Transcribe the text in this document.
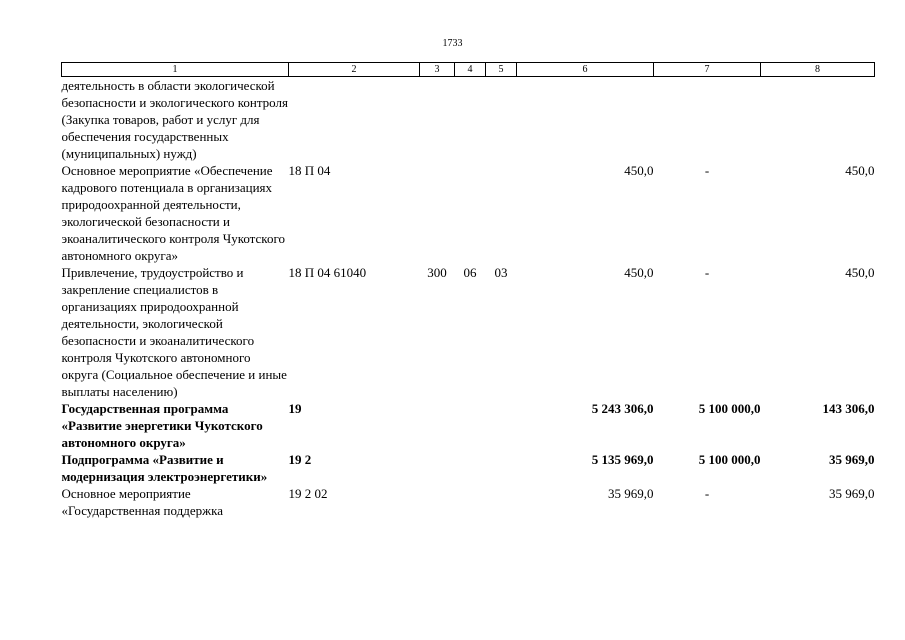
1733
1	2	3	4	5	6	7	8
деятельность в области экологической безопасности и экологического контроля (Закупка товаров, работ и услуг для обеспечения государственных (муниципальных) нужд)							
Основное мероприятие «Обеспечение кадрового потенциала в организациях природоохранной деятельности, экологической безопасности и экоаналитического контроля Чукотского автономного округа»	18 П 04				450,0	-	450,0
Привлечение, трудоустройство и закрепление специалистов в организациях природоохранной деятельности, экологической безопасности и экоаналитического контроля Чукотского автономного округа (Социальное обеспечение и иные выплаты населению)	18 П 04 61040	300	06	03	450,0	-	450,0
Государственная программа «Развитие энергетики Чукотского автономного округа»	19				5 243 306,0	5 100 000,0	143 306,0
Подпрограмма «Развитие и модернизация электроэнергетики»	19 2				5 135 969,0	5 100 000,0	35 969,0
Основное мероприятие «Государственная поддержка	19 2 02				35 969,0	-	35 969,0
